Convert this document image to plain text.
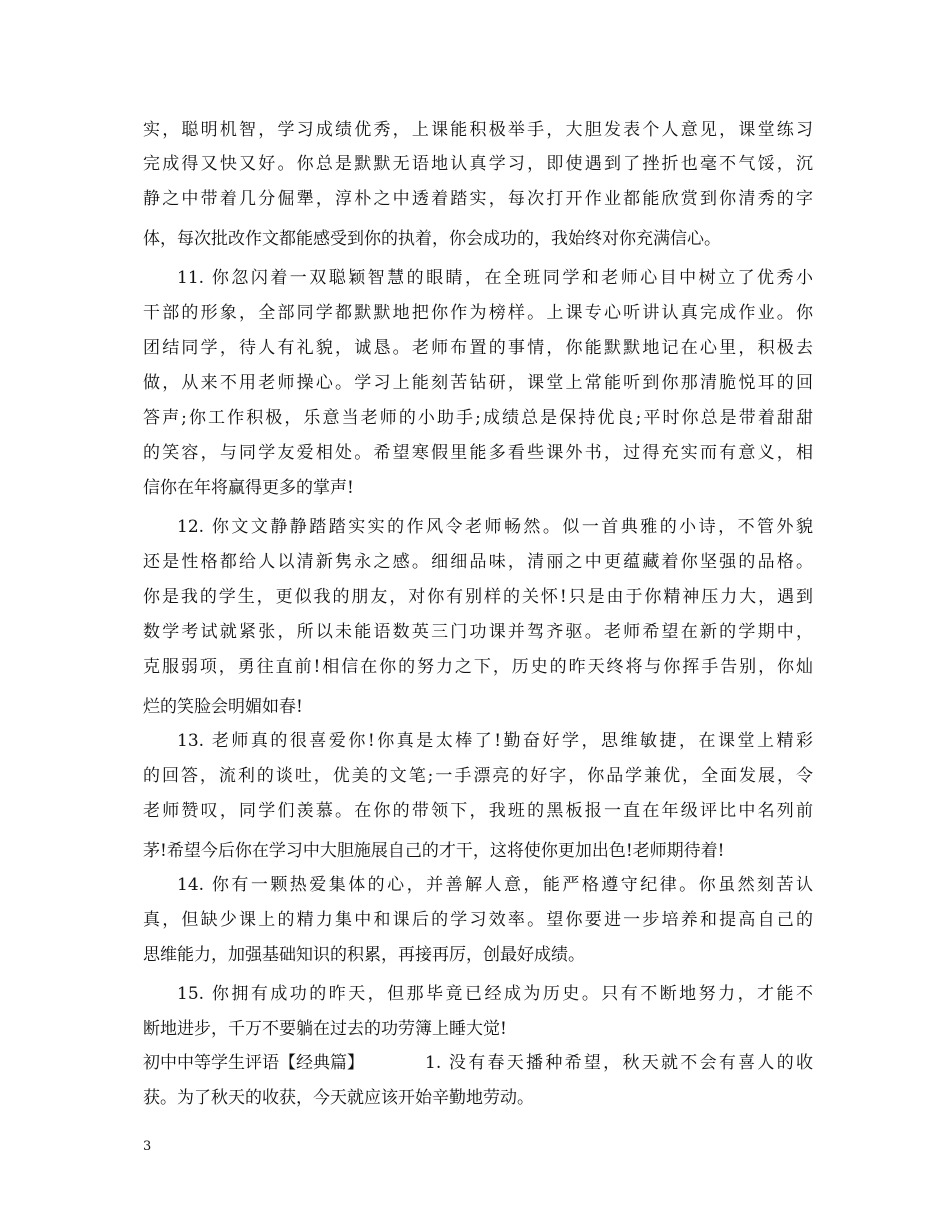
实，聪明机智，学习成绩优秀，上课能积极举手，大胆发表个人意见，课堂练习
完成得又快又好。你总是默默无语地认真学习，即使遇到了挫折也毫不气馁，沉
静之中带着几分倔犟，淳朴之中透着踏实，每次打开作业都能欣赏到你清秀的字
体，每次批改作文都能感受到你的执着，你会成功的，我始终对你充满信心。
11. 你忽闪着一双聪颖智慧的眼睛，在全班同学和老师心目中树立了优秀小
干部的形象，全部同学都默默地把你作为榜样。上课专心听讲认真完成作业。你
团结同学，待人有礼貌，诚恳。老师布置的事情，你能默默地记在心里，积极去
做，从来不用老师操心。学习上能刻苦钻研，课堂上常能听到你那清脆悦耳的回
答声;你工作积极，乐意当老师的小助手;成绩总是保持优良;平时你总是带着甜甜
的笑容，与同学友爱相处。希望寒假里能多看些课外书，过得充实而有意义，相
信你在年将赢得更多的掌声!
12. 你文文静静踏踏实实的作风令老师畅然。似一首典雅的小诗，不管外貌
还是性格都给人以清新隽永之感。细细品味，清丽之中更蕴藏着你坚强的品格。
你是我的学生，更似我的朋友，对你有别样的关怀!只是由于你精神压力大，遇到
数学考试就紧张，所以未能语数英三门功课并驾齐驱。老师希望在新的学期中，
克服弱项，勇往直前!相信在你的努力之下，历史的昨天终将与你挥手告别，你灿
烂的笑脸会明媚如春!
13. 老师真的很喜爱你!你真是太棒了!勤奋好学，思维敏捷，在课堂上精彩
的回答，流利的谈吐，优美的文笔;一手漂亮的好字，你品学兼优，全面发展，令
老师赞叹，同学们羡慕。在你的带领下，我班的黑板报一直在年级评比中名列前
茅!希望今后你在学习中大胆施展自己的才干，这将使你更加出色!老师期待着!
14. 你有一颗热爱集体的心，并善解人意，能严格遵守纪律。你虽然刻苦认
真，但缺少课上的精力集中和课后的学习效率。望你要进一步培养和提高自己的
思维能力，加强基础知识的积累，再接再厉，创最好成绩。
15. 你拥有成功的昨天，但那毕竟已经成为历史。只有不断地努力，才能不
断地进步，千万不要躺在过去的功劳簿上睡大觉!
初中中等学生评语【经典篇】	1. 没有春天播种希望，秋天就不会有喜人的收
获。为了秋天的收获，今天就应该开始辛勤地劳动。
3
